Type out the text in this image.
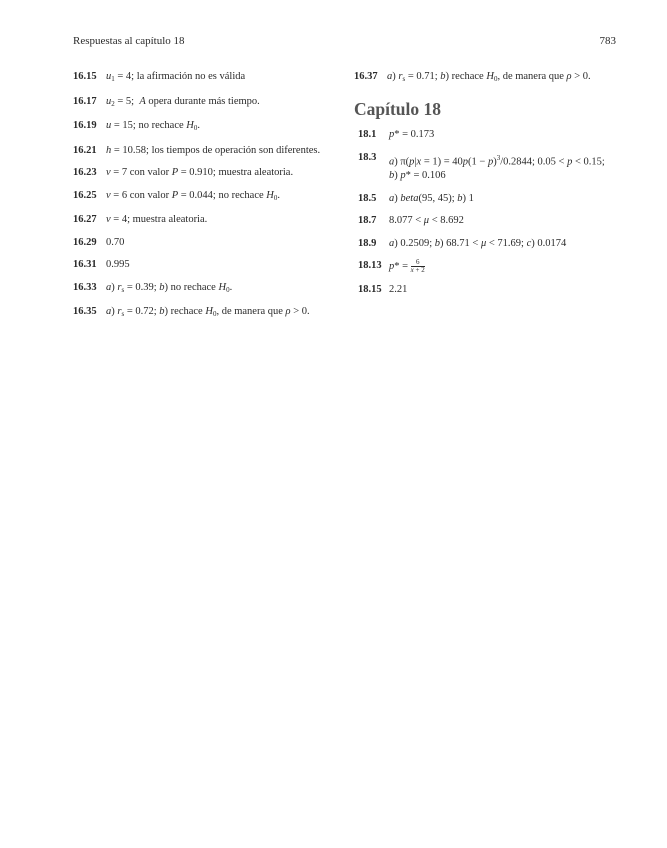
Respuestas al capítulo 18	783
16.15 $u_1 = 4$; la afirmación no es válida
16.17 $u_2 = 5$;  A opera durante más tiempo.
16.19 u = 15; no rechace $H_0$.
16.21 h = 10.58; los tiempos de operación son diferentes.
16.23 v = 7 con valor P = 0.910; muestra aleatoria.
16.25 v = 6 con valor P = 0.044; no rechace $H_0$.
16.27 v = 4; muestra aleatoria.
16.29 0.70
16.31 0.995
16.33 a) $r_s = 0.39$; b) no rechace $H_0$.
16.35 a) $r_s = 0.72$; b) rechace $H_0$, de manera que ρ > 0.
16.37 a) $r_s = 0.71$; b) rechace $H_0$, de manera que ρ > 0.
Capítulo 18
18.1	p* = 0.173
18.3	a) $\pi(p|x = 1) = 40p(1 - p)^3/0.2844$; 0.05 < p < 0.15;
b) p* = 0.106
18.5	a) beta(95, 45); b) 1
18.7	8.077 < μ < 8.692
18.9	a) 0.2509; b) 68.71 < μ < 71.69; c) 0.0174
18.13 $p* = \frac{6}{x + 2}$
18.15 2.21
